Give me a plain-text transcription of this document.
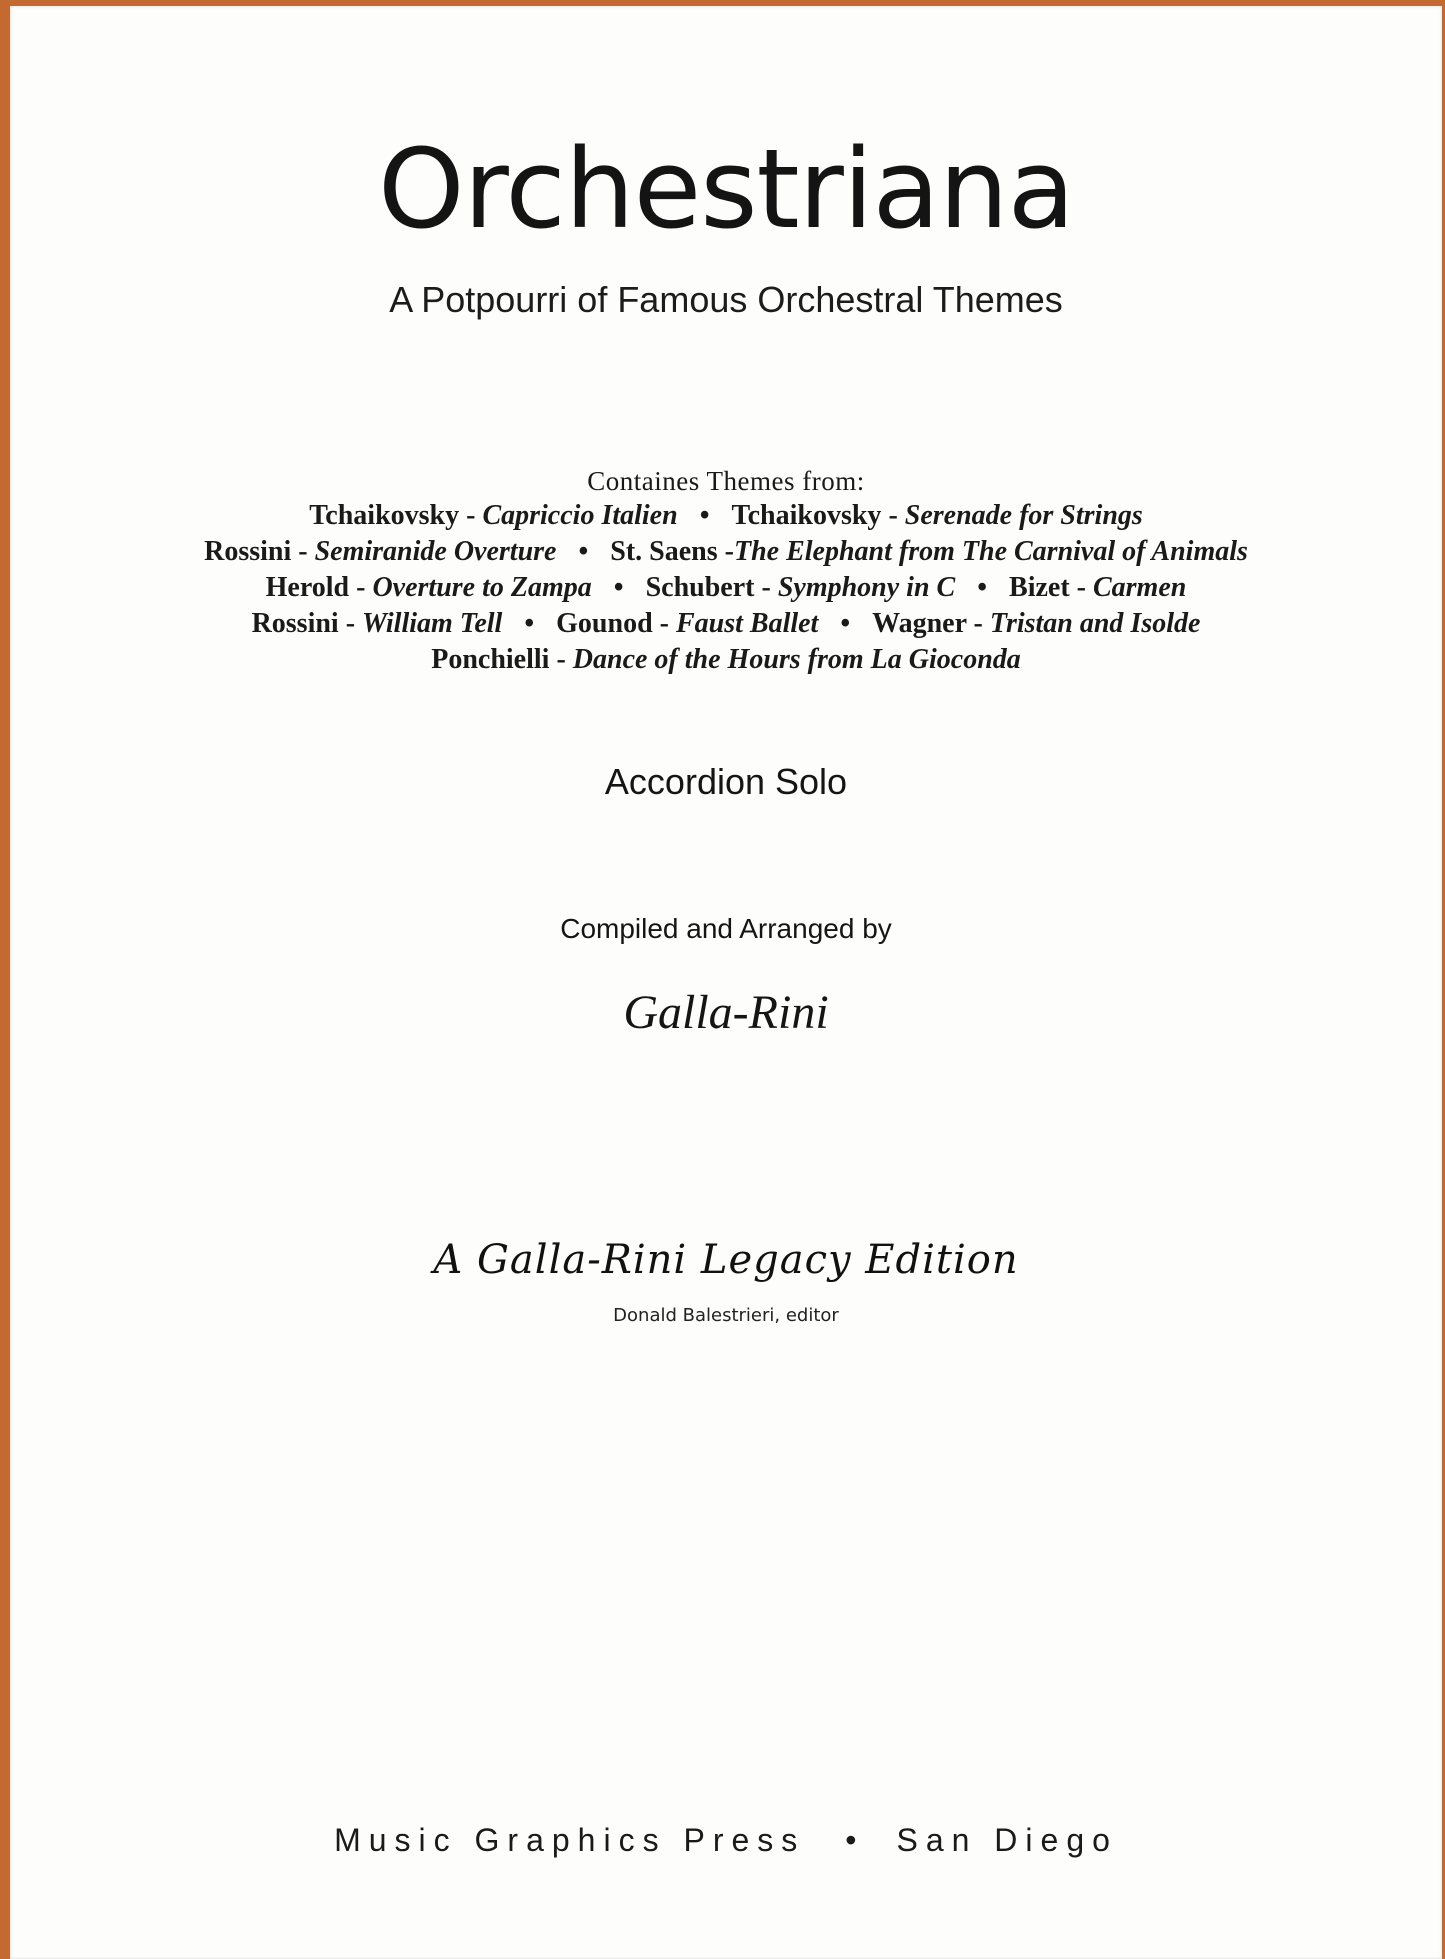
Orchestriana
A Potpourri of Famous Orchestral Themes
Containes Themes from:
Tchaikovsky - Capriccio Italien • Tchaikovsky - Serenade for Strings
Rossini - Semiranide Overture • St. Saens -The Elephant from The Carnival of Animals
Herold - Overture to Zampa • Schubert - Symphony in C • Bizet - Carmen
Rossini - William Tell • Gounod - Faust Ballet • Wagner - Tristan and Isolde
Ponchielli - Dance of the Hours from La Gioconda
Accordion Solo
Compiled and Arranged by
Galla-Rini
A Galla-Rini Legacy Edition
Donald Balestrieri, editor
Music Graphics Press • San Diego
